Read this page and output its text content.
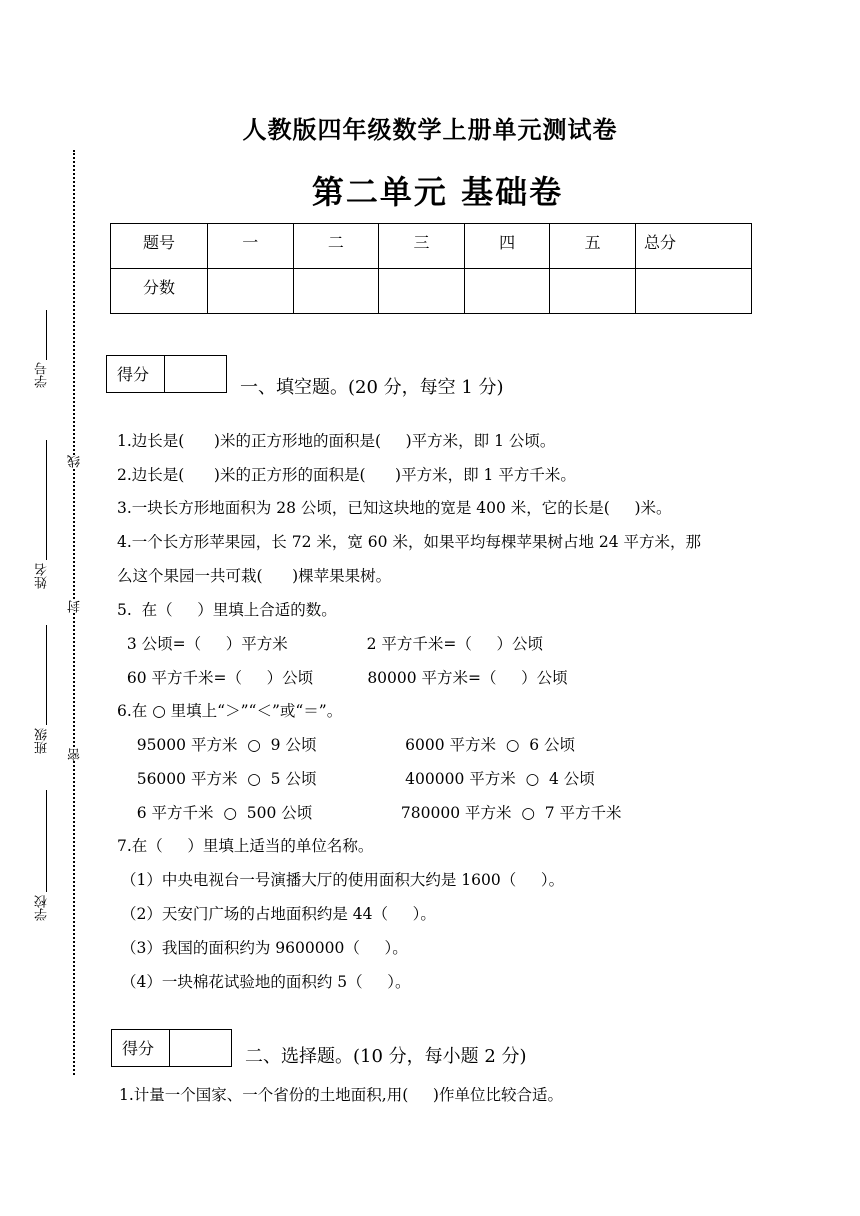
人教版四年级数学上册单元测试卷
第二单元 基础卷
题号	一	二	三	四	五	总分
分数						
学号
姓名
班级
学校
线
封
密
得分
一、填空题。(20 分，每空 1 分)
1.边长是(      )米的正方形地的面积是(     )平方米，即 1 公顷。
2.边长是(      )米的正方形的面积是(      )平方米，即 1 平方千米。
3.一块长方形地面积为 28 公顷，已知这块地的宽是 400 米，它的长是(     )米。
4.一个长方形苹果园，长 72 米，宽 60 米，如果平均每棵苹果树占地 24 平方米，那
么这个果园一共可栽(      )棵苹果果树。
5.  在（     ）里填上合适的数。
3 公顷=（     ）平方米                2 平方千米=（     ）公顷
60 平方千米=（     ）公顷           80000 平方米=（     ）公顷
6.在 ○ 里填上“＞”“＜”或“＝”。
95000 平方米  ○  9 公顷                  6000 平方米  ○  6 公顷
56000 平方米  ○  5 公顷                  400000 平方米  ○  4 公顷
6 平方千米  ○  500 公顷                  780000 平方米  ○  7 平方千米
7.在（     ）里填上适当的单位名称。
（1）中央电视台一号演播大厅的使用面积大约是 1600（     ）。
（2）天安门广场的占地面积约是 44（     ）。
（3）我国的面积约为 9600000（     ）。
（4）一块棉花试验地的面积约 5（     ）。
得分	二、选择题。(10 分，每小题 2 分)
1.计量一个国家、一个省份的土地面积,用(     )作单位比较合适。
